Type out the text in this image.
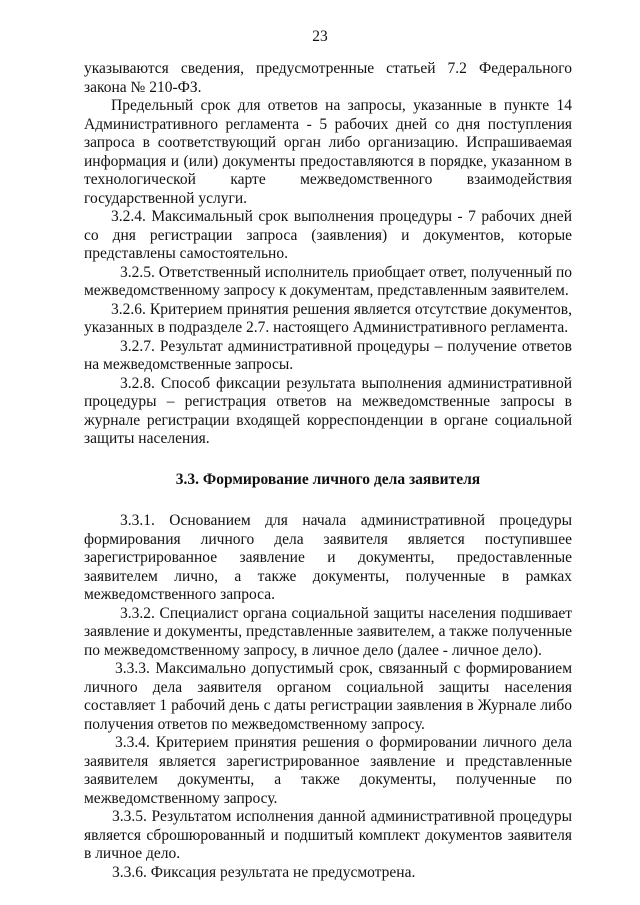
23

указываются сведения, предусмотренные статьей 7.2 Федерального закона № 210-ФЗ.

Предельный срок для ответов на запросы, указанные в пункте 14 Административного регламента - 5 рабочих дней со дня поступления запроса в соответствующий орган либо организацию. Испрашиваемая информация и (или) документы предоставляются в порядке, указанном в технологической карте межведомственного взаимодействия государственной услуги.

3.2.4. Максимальный срок выполнения процедуры - 7 рабочих дней со дня регистрации запроса (заявления) и документов, которые представлены самостоятельно.

3.2.5. Ответственный исполнитель приобщает ответ, полученный по межведомственному запросу к документам, представленным заявителем.

3.2.6. Критерием принятия решения является отсутствие документов, указанных в подразделе 2.7. настоящего Административного регламента.

3.2.7. Результат административной процедуры – получение ответов на межведомственные запросы.

3.2.8. Способ фиксации результата выполнения административной процедуры – регистрация ответов на межведомственные запросы в журнале регистрации входящей корреспонденции в органе социальной защиты населения.

3.3. Формирование личного дела заявителя

3.3.1. Основанием для начала административной процедуры формирования личного дела заявителя является поступившее зарегистрированное заявление и документы, предоставленные заявителем лично, а также документы, полученные в рамках межведомственного запроса.

3.3.2. Специалист органа социальной защиты населения подшивает заявление и документы, представленные заявителем, а также полученные по межведомственному запросу, в личное дело (далее - личное дело).

3.3.3. Максимально допустимый срок, связанный с формированием личного дела заявителя органом социальной защиты населения составляет 1 рабочий день с даты регистрации заявления в Журнале либо получения ответов по межведомственному запросу.

3.3.4. Критерием принятия решения о формировании личного дела заявителя является зарегистрированное заявление и представленные заявителем документы, а также документы, полученные по межведомственному запросу.

3.3.5. Результатом исполнения данной административной процедуры является сброшюрованный и подшитый комплект документов заявителя в личное дело.

3.3.6. Фиксация результата не предусмотрена.
